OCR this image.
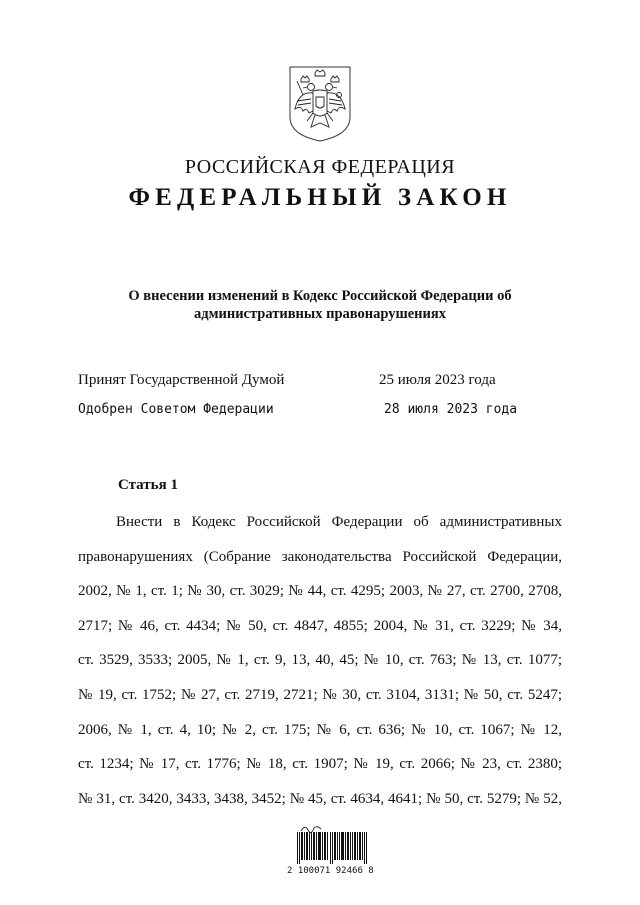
РОССИЙСКАЯ ФЕДЕРАЦИЯ
ФЕДЕРАЛЬНЫЙ ЗАКОН
О внесении изменений в Кодекс Российской Федерации об
административных правонарушениях
Принят Государственной Думой	25 июля 2023 года
Одобрен Советом Федерации	28 июля 2023 года
Статья 1
Внести в Кодекс Российской Федерации об административных
правонарушениях (Собрание законодательства Российской Федерации,
2002, № 1, ст. 1; № 30, ст. 3029; № 44, ст. 4295; 2003, № 27, ст. 2700, 2708,
2717; № 46, ст. 4434; № 50, ст. 4847, 4855; 2004, № 31, ст. 3229; № 34,
ст. 3529, 3533; 2005, № 1, ст. 9, 13, 40, 45; № 10, ст. 763; № 13, ст. 1077;
№ 19, ст. 1752; № 27, ст. 2719, 2721; № 30, ст. 3104, 3131; № 50, ст. 5247;
2006, № 1, ст. 4, 10; № 2, ст. 175; № 6, ст. 636; № 10, ст. 1067; № 12,
ст. 1234; № 17, ст. 1776; № 18, ст. 1907; № 19, ст. 2066; № 23, ст. 2380;
№ 31, ст. 3420, 3433, 3438, 3452; № 45, ст. 4634, 4641; № 50, ст. 5279; № 52,
2 100071 92466 8
